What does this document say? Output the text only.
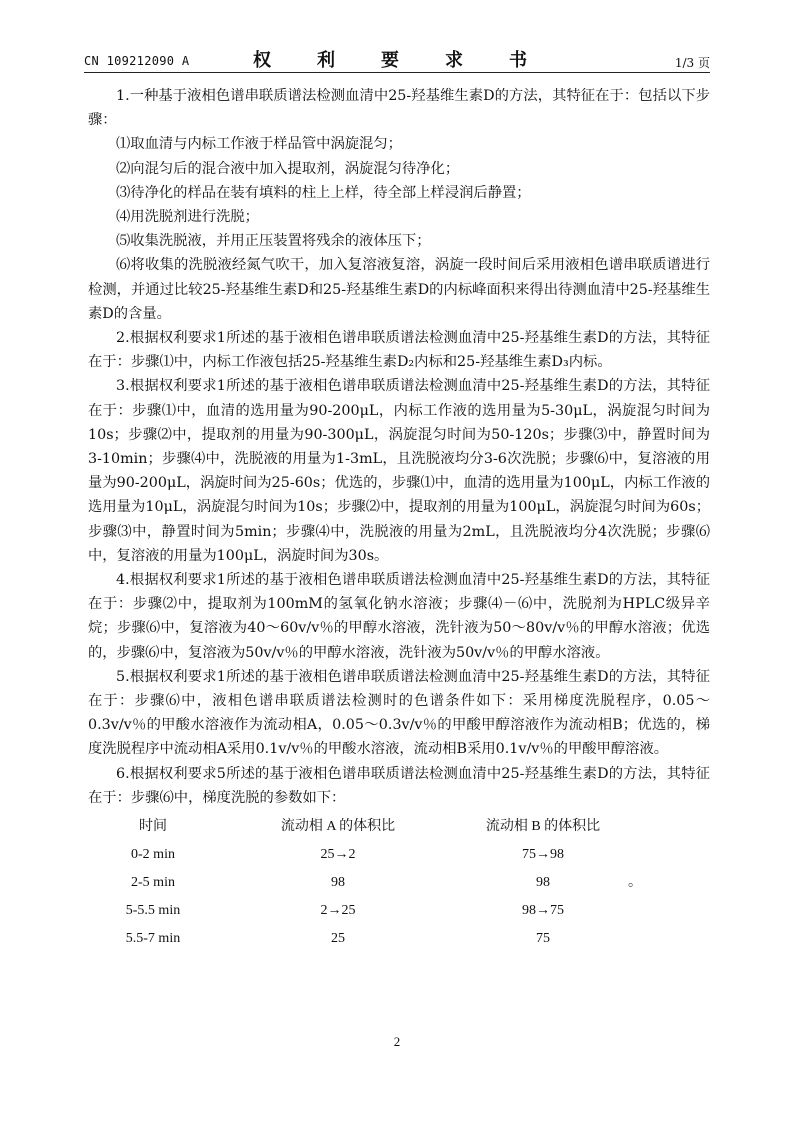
CN 109212090 A	权　利　要　求　书	1/3 页

1.一种基于液相色谱串联质谱法检测血清中25-羟基维生素D的方法，其特征在于：包括以下步骤：

⑴取血清与内标工作液于样品管中涡旋混匀；

⑵向混匀后的混合液中加入提取剂，涡旋混匀待净化；

⑶待净化的样品在装有填料的柱上上样，待全部上样浸润后静置；

⑷用洗脱剂进行洗脱；

⑸收集洗脱液，并用正压装置将残余的液体压下；

⑹将收集的洗脱液经氮气吹干，加入复溶液复溶，涡旋一段时间后采用液相色谱串联质谱进行检测，并通过比较25-羟基维生素D和25-羟基维生素D的内标峰面积来得出待测血清中25-羟基维生素D的含量。

2.根据权利要求1所述的基于液相色谱串联质谱法检测血清中25-羟基维生素D的方法，其特征在于：步骤⑴中，内标工作液包括25-羟基维生素D₂内标和25-羟基维生素D₃内标。

3.根据权利要求1所述的基于液相色谱串联质谱法检测血清中25-羟基维生素D的方法，其特征在于：步骤⑴中，血清的选用量为90-200μL，内标工作液的选用量为5-30μL，涡旋混匀时间为10s；步骤⑵中，提取剂的用量为90-300μL，涡旋混匀时间为50-120s；步骤⑶中，静置时间为3-10min；步骤⑷中，洗脱液的用量为1-3mL，且洗脱液均分3-6次洗脱；步骤⑹中，复溶液的用量为90-200μL，涡旋时间为25-60s；优选的，步骤⑴中，血清的选用量为100μL，内标工作液的选用量为10μL，涡旋混匀时间为10s；步骤⑵中，提取剂的用量为100μL，涡旋混匀时间为60s；步骤⑶中，静置时间为5min；步骤⑷中，洗脱液的用量为2mL，且洗脱液均分4次洗脱；步骤⑹中，复溶液的用量为100μL，涡旋时间为30s。

4.根据权利要求1所述的基于液相色谱串联质谱法检测血清中25-羟基维生素D的方法，其特征在于：步骤⑵中，提取剂为100mM的氢氧化钠水溶液；步骤⑷－⑹中，洗脱剂为HPLC级异辛烷；步骤⑹中，复溶液为40～60v/v％的甲醇水溶液，洗针液为50～80v/v％的甲醇水溶液；优选的，步骤⑹中，复溶液为50v/v％的甲醇水溶液，洗针液为50v/v％的甲醇水溶液。

5.根据权利要求1所述的基于液相色谱串联质谱法检测血清中25-羟基维生素D的方法，其特征在于：步骤⑹中，液相色谱串联质谱法检测时的色谱条件如下：采用梯度洗脱程序，0.05～0.3v/v％的甲酸水溶液作为流动相A，0.05～0.3v/v％的甲酸甲醇溶液作为流动相B；优选的，梯度洗脱程序中流动相A采用0.1v/v％的甲酸水溶液，流动相B采用0.1v/v％的甲酸甲醇溶液。

6.根据权利要求5所述的基于液相色谱串联质谱法检测血清中25-羟基维生素D的方法，其特征在于：步骤⑹中，梯度洗脱的参数如下：

时间	流动相 A 的体积比	流动相 B 的体积比	
0-2 min	25→2	75→98	
2-5 min	98	98	。
5-5.5 min	2→25	98→75	
5.5-7 min	25	75	
2
